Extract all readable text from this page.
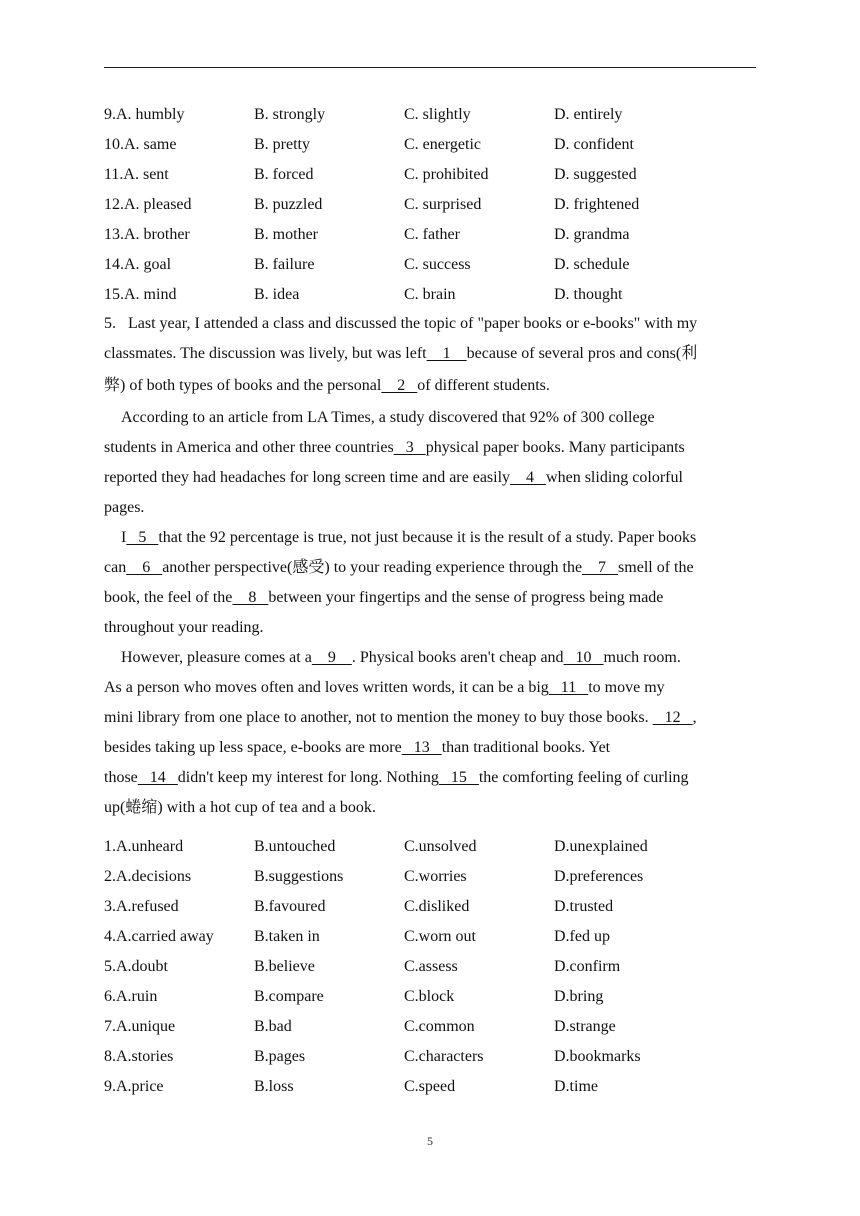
9.A. humbly	B. strongly	C. slightly	D. entirely
10.A. same	B. pretty	C. energetic	D. confident
11.A. sent	B. forced	C. prohibited	D. suggested
12.A. pleased	B. puzzled	C. surprised	D. frightened
13.A. brother	B. mother	C. father	D. grandma
14.A. goal	B. failure	C. success	D. schedule
15.A. mind	B. idea	C. brain	D. thought
5.   Last year, I attended a class and discussed the topic of "paper books or e-books" with my
classmates. The discussion was lively, but was left    1    because of several pros and cons(利
弊) of both types of books and the personal    2   of different students.
According to an article from LA Times, a study discovered that 92% of 300 college
students in America and other three countries   3   physical paper books. Many participants
reported they had headaches for long screen time and are easily    4   when sliding colorful
pages.
I   5   that the 92 percentage is true, not just because it is the result of a study. Paper books
can    6   another perspective(感受) to your reading experience through the    7   smell of the
book, the feel of the    8   between your fingertips and the sense of progress being made
throughout your reading.
However, pleasure comes at a    9    . Physical books aren't cheap and   10   much room.
As a person who moves often and loves written words, it can be a big   11   to move my
mini library from one place to another, not to mention the money to buy those books.    12   ,
besides taking up less space, e-books are more   13   than traditional books. Yet
those   14   didn't keep my interest for long. Nothing   15   the comforting feeling of curling
up(蜷缩) with a hot cup of tea and a book.
1.A.unheard	B.untouched	C.unsolved	D.unexplained
2.A.decisions	B.suggestions	C.worries	D.preferences
3.A.refused	B.favoured	C.disliked	D.trusted
4.A.carried away	B.taken in	C.worn out	D.fed up
5.A.doubt	B.believe	C.assess	D.confirm
6.A.ruin	B.compare	C.block	D.bring
7.A.unique	B.bad	C.common	D.strange
8.A.stories	B.pages	C.characters	D.bookmarks
9.A.price	B.loss	C.speed	D.time
5
